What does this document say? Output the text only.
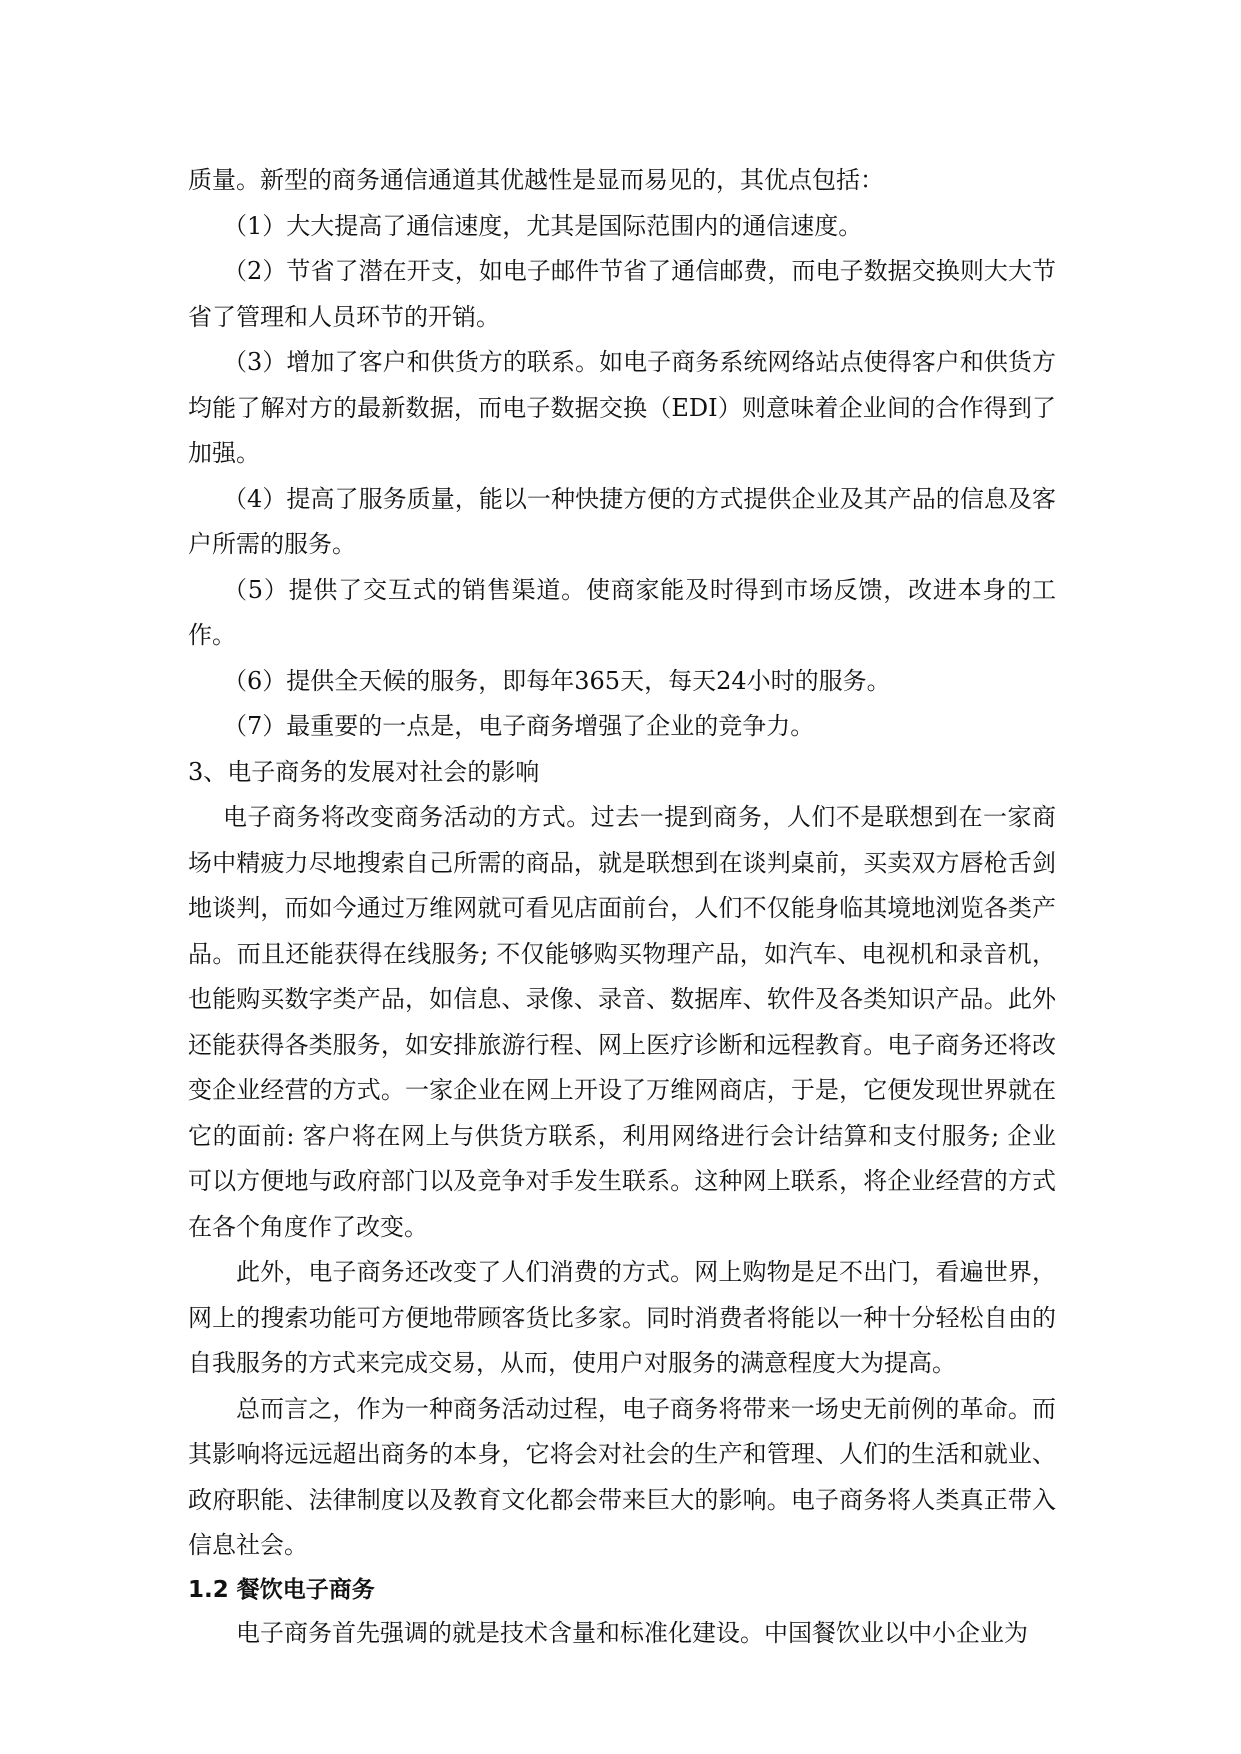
质量。新型的商务通信通道其优越性是显而易见的，其优点包括：

（1）大大提高了通信速度，尤其是国际范围内的通信速度。

（2）节省了潜在开支，如电子邮件节省了通信邮费，而电子数据交换则大大节省了管理和人员环节的开销。

（3）增加了客户和供货方的联系。如电子商务系统网络站点使得客户和供货方均能了解对方的最新数据，而电子数据交换（EDI）则意味着企业间的合作得到了加强。

（4）提高了服务质量，能以一种快捷方便的方式提供企业及其产品的信息及客户所需的服务。

（5）提供了交互式的销售渠道。使商家能及时得到市场反馈，改进本身的工作。

（6）提供全天候的服务，即每年365天，每天24小时的服务。

（7）最重要的一点是，电子商务增强了企业的竞争力。

3、电子商务的发展对社会的影响

电子商务将改变商务活动的方式。过去一提到商务，人们不是联想到在一家商场中精疲力尽地搜索自己所需的商品，就是联想到在谈判桌前，买卖双方唇枪舌剑地谈判，而如今通过万维网就可看见店面前台，人们不仅能身临其境地浏览各类产品。而且还能获得在线服务; 不仅能够购买物理产品，如汽车、电视机和录音机，也能购买数字类产品，如信息、录像、录音、数据库、软件及各类知识产品。此外还能获得各类服务，如安排旅游行程、网上医疗诊断和远程教育。电子商务还将改变企业经营的方式。一家企业在网上开设了万维网商店，于是，它便发现世界就在它的面前: 客户将在网上与供货方联系，利用网络进行会计结算和支付服务; 企业可以方便地与政府部门以及竞争对手发生联系。这种网上联系，将企业经营的方式在各个角度作了改变。

此外，电子商务还改变了人们消费的方式。网上购物是足不出门，看遍世界，网上的搜索功能可方便地带顾客货比多家。同时消费者将能以一种十分轻松自由的自我服务的方式来完成交易，从而，使用户对服务的满意程度大为提高。

总而言之，作为一种商务活动过程，电子商务将带来一场史无前例的革命。而其影响将远远超出商务的本身，它将会对社会的生产和管理、人们的生活和就业、政府职能、法律制度以及教育文化都会带来巨大的影响。电子商务将人类真正带入信息社会。

1.2 餐饮电子商务

电子商务首先强调的就是技术含量和标准化建设。中国餐饮业以中小企业为
